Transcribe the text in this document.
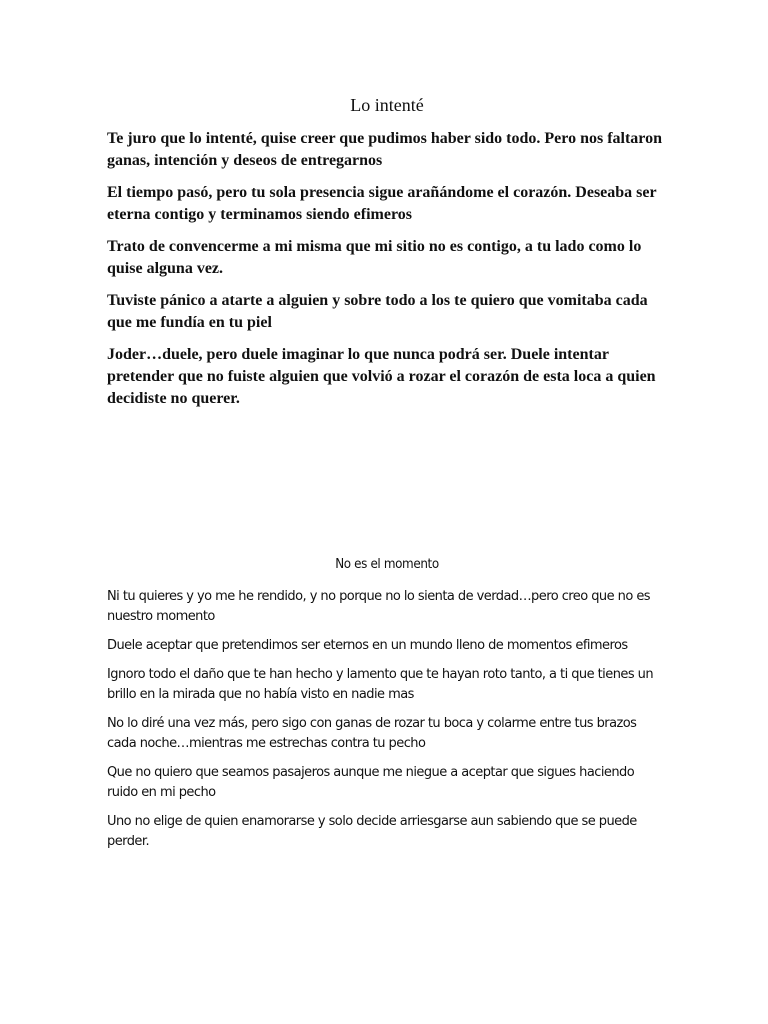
Lo intenté

Te juro que lo intenté, quise creer que pudimos haber sido todo. Pero nos faltaron ganas, intención y deseos de entregarnos

El tiempo pasó, pero tu sola presencia sigue arañándome el corazón. Deseaba ser eterna contigo y terminamos siendo efimeros

Trato de convencerme a mi misma que mi sitio no es contigo, a tu lado como lo quise alguna vez.

Tuviste pánico a atarte a alguien y sobre todo a los te quiero que vomitaba cada que me fundía en tu piel

Joder…duele, pero duele imaginar lo que nunca podrá ser. Duele intentar pretender que no fuiste alguien que volvió a rozar el corazón de esta loca a quien decidiste no querer.

No es el momento

Ni tu quieres y yo me he rendido, y no porque no lo sienta de verdad…pero creo que no es nuestro momento

Duele aceptar que pretendimos ser eternos en un mundo lleno de momentos efimeros

Ignoro todo el daño que te han hecho y lamento que te hayan roto tanto, a ti que tienes un brillo en la mirada que no había visto en nadie mas

No lo diré una vez más, pero sigo con ganas de rozar tu boca y colarme entre tus brazos cada noche…mientras me estrechas contra tu pecho

Que no quiero que seamos pasajeros aunque me niegue a aceptar que sigues haciendo ruido en mi pecho

Uno no elige de quien enamorarse y solo decide arriesgarse aun sabiendo que se puede perder.
